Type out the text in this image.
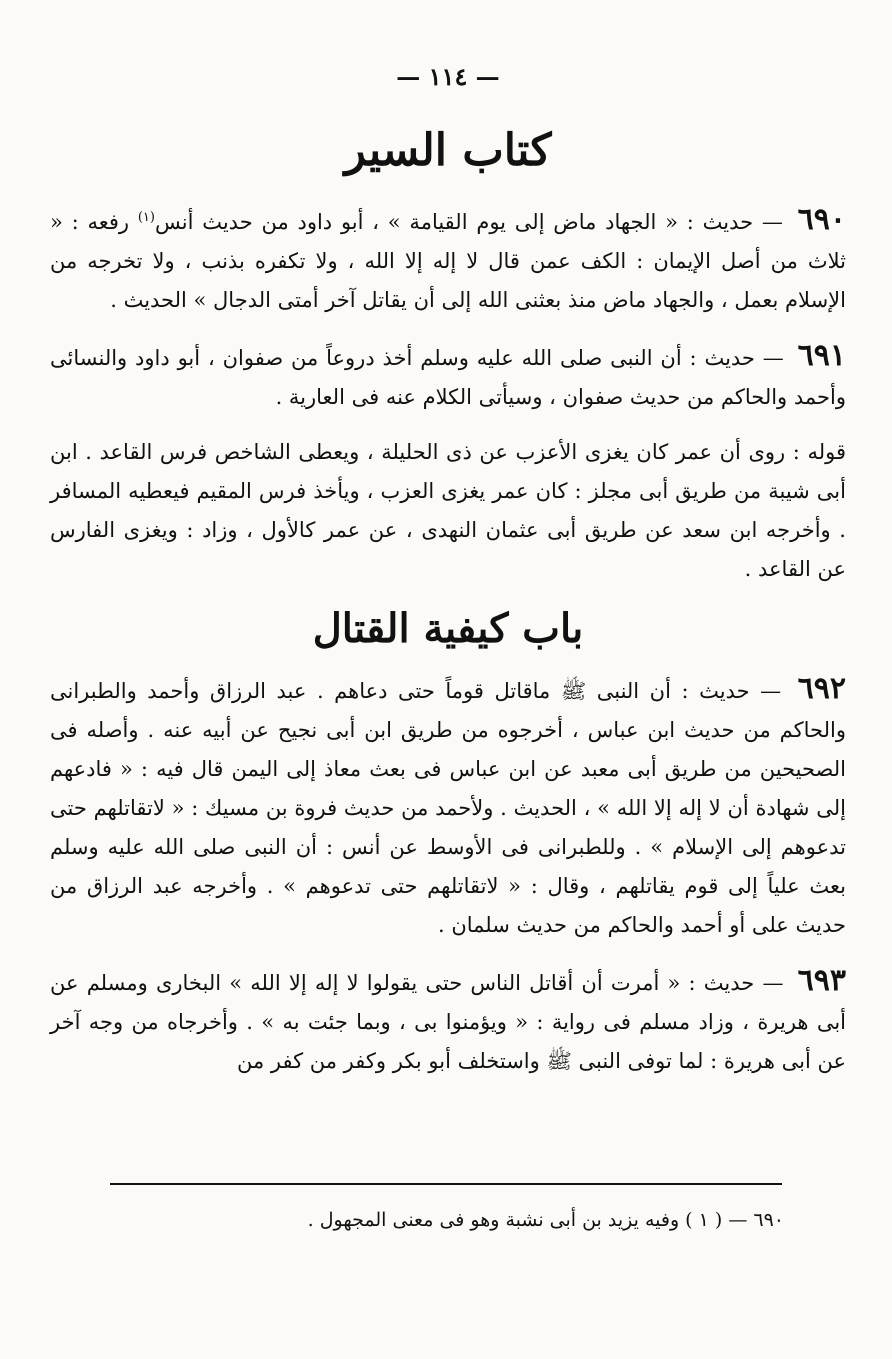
— ١١٤ —
كتاب السير

٦٩٠ — حديث : « الجهاد ماض إلى يوم القيامة » ، أبو داود من حديث أنس$^{(١)}$ رفعه : « ثلاث من أصل الإيمان : الكف عمن قال لا إله إلا الله ، ولا تكفره بذنب ، ولا تخرجه من الإسلام بعمل ، والجهاد ماض منذ بعثنى الله إلى أن يقاتل آخر أمتى الدجال » الحديث .

٦٩١ — حديث : أن النبى صلى الله عليه وسلم أخذ دروعاً من صفوان ، أبو داود والنسائى وأحمد والحاكم من حديث صفوان ، وسيأتى الكلام عنه فى العارية .

قوله : روى أن عمر كان يغزى الأعزب عن ذى الحليلة ، ويعطى الشاخص فرس القاعد . ابن أبى شيبة من طريق أبى مجلز : كان عمر يغزى العزب ، ويأخذ فرس المقيم فيعطيه المسافر . وأخرجه ابن سعد عن طريق أبى عثمان النهدى ، عن عمر كالأول ، وزاد : ويغزى الفارس عن القاعد .

باب كيفية القتال

٦٩٢ — حديث : أن النبى ﷺ ماقاتل قوماً حتى دعاهم . عبد الرزاق وأحمد والطبرانى والحاكم من حديث ابن عباس ، أخرجوه من طريق ابن أبى نجيح عن أبيه عنه . وأصله فى الصحيحين من طريق أبى معبد عن ابن عباس فى بعث معاذ إلى اليمن قال فيه : « فادعهم إلى شهادة أن لا إله إلا الله » ، الحديث . ولأحمد من حديث فروة بن مسيك : « لاتقاتلهم حتى تدعوهم إلى الإسلام » . وللطبرانى فى الأوسط عن أنس : أن النبى صلى الله عليه وسلم بعث علياً إلى قوم يقاتلهم ، وقال : « لاتقاتلهم حتى تدعوهم » . وأخرجه عبد الرزاق من حديث على أو أحمد والحاكم من حديث سلمان .

٦٩٣ — حديث : « أمرت أن أقاتل الناس حتى يقولوا لا إله إلا الله » البخارى ومسلم عن أبى هريرة ، وزاد مسلم فى رواية : « ويؤمنوا بى ، وبما جئت به » . وأخرجاه من وجه آخر عن أبى هريرة : لما توفى النبى ﷺ واستخلف أبو بكر وكفر من كفر من

٦٩٠ — ( ١ ) وفيه يزيد بن أبى نشبة وهو فى معنى المجهول .
